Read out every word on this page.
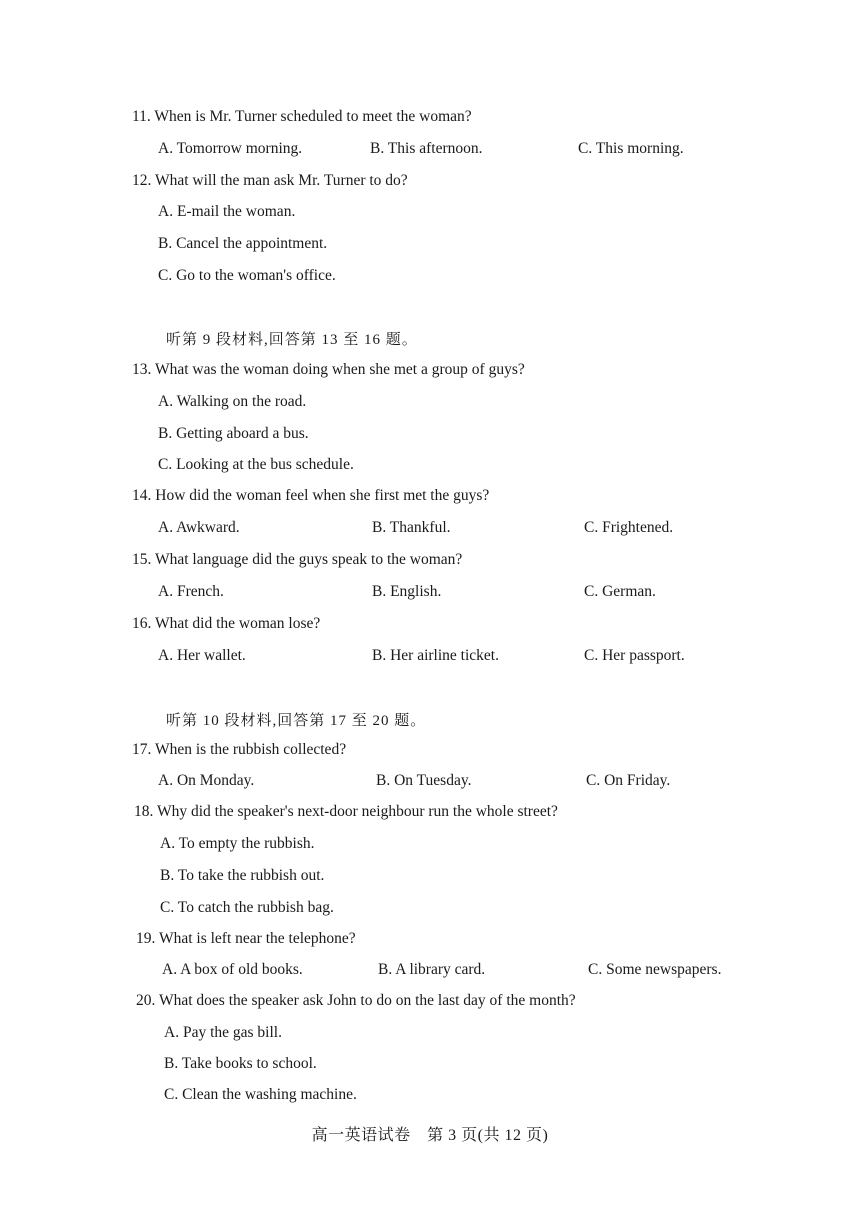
11. When is Mr. Turner scheduled to meet the woman?
A. Tomorrow morning.	B. This afternoon.	C. This morning.
12. What will the man ask Mr. Turner to do?
A. E-mail the woman.
B. Cancel the appointment.
C. Go to the woman's office.
听第 9 段材料,回答第 13 至 16 题。
13. What was the woman doing when she met a group of guys?
A. Walking on the road.
B. Getting aboard a bus.
C. Looking at the bus schedule.
14. How did the woman feel when she first met the guys?
A. Awkward.	B. Thankful.	C. Frightened.
15. What language did the guys speak to the woman?
A. French.	B. English.	C. German.
16. What did the woman lose?
A. Her wallet.	B. Her airline ticket.	C. Her passport.
听第 10 段材料,回答第 17 至 20 题。
17. When is the rubbish collected?
A. On Monday.	B. On Tuesday.	C. On Friday.
18. Why did the speaker's next-door neighbour run the whole street?
A. To empty the rubbish.
B. To take the rubbish out.
C. To catch the rubbish bag.
19. What is left near the telephone?
A. A box of old books.	B. A library card.	C. Some newspapers.
20. What does the speaker ask John to do on the last day of the month?
A. Pay the gas bill.
B. Take books to school.
C. Clean the washing machine.
高一英语试卷　第 3 页(共 12 页)
